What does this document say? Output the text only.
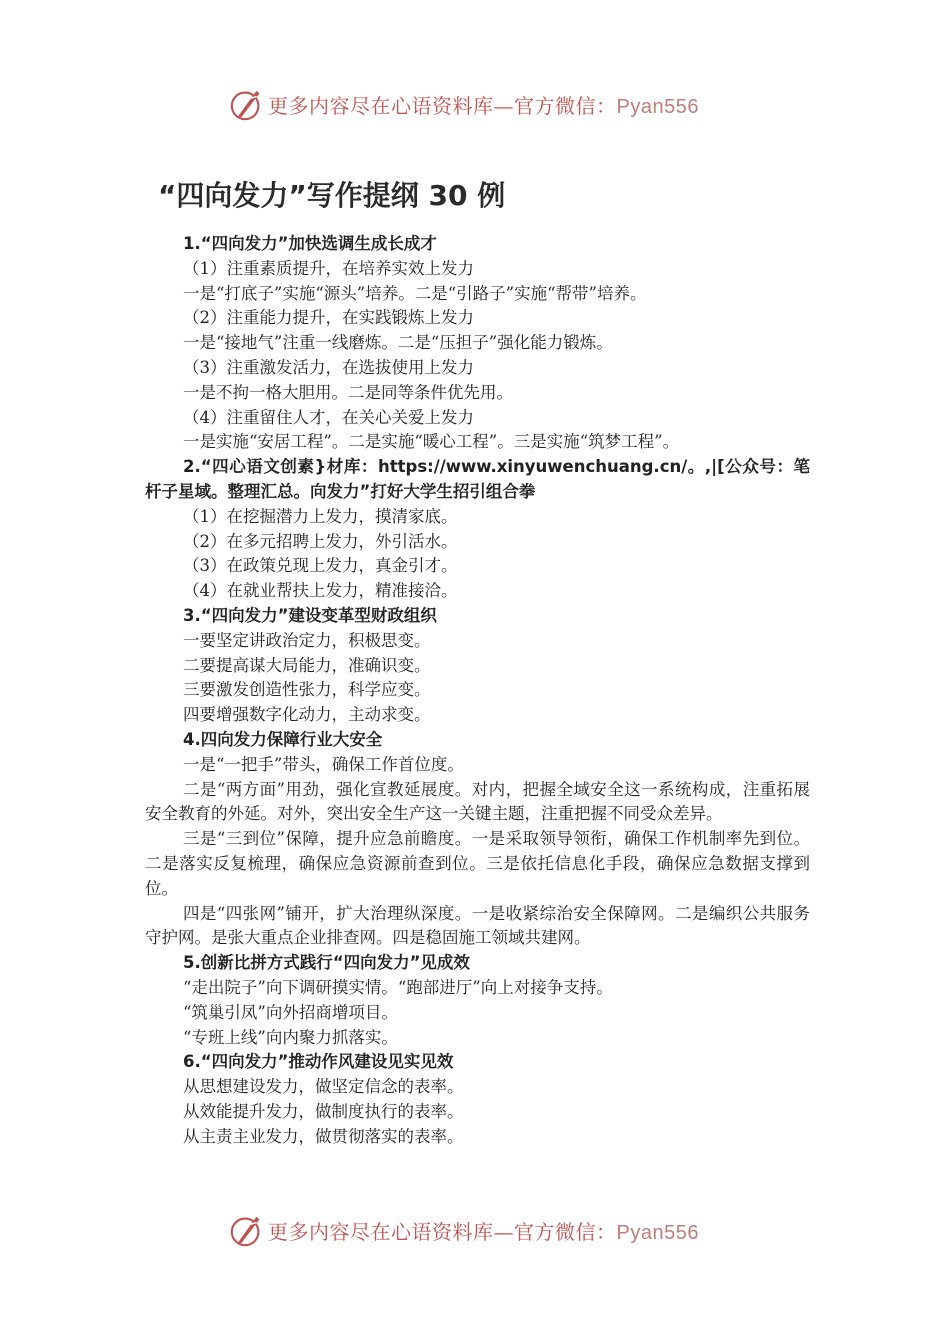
更多内容尽在心语资料库—官方微信：Pyan556
“四向发力”写作提纲 30 例
1.“四向发力”加快选调生成长成才
（1）注重素质提升，在培养实效上发力
一是“打底子”实施“源头”培养。二是“引路子”实施“帮带”培养。
（2）注重能力提升，在实践锻炼上发力
一是“接地气”注重一线磨炼。二是“压担子”强化能力锻炼。
（3）注重激发活力，在选拔使用上发力
一是不拘一格大胆用。二是同等条件优先用。
（4）注重留住人才，在关心关爱上发力
一是实施“安居工程”。二是实施“暖心工程”。三是实施“筑梦工程”。
2.“四心语文创素}材库：https://www.xinyuwenchuang.cn/。,|[公众号：笔杆子星域。整理汇总。向发力”打好大学生招引组合拳
（1）在挖掘潜力上发力，摸清家底。
（2）在多元招聘上发力，外引活水。
（3）在政策兑现上发力，真金引才。
（4）在就业帮扶上发力，精准接洽。
3.“四向发力”建设变革型财政组织
一要坚定讲政治定力，积极思变。
二要提高谋大局能力，准确识变。
三要激发创造性张力，科学应变。
四要增强数字化动力，主动求变。
4.四向发力保障行业大安全
一是“一把手”带头，确保工作首位度。
二是“两方面”用劲，强化宣教延展度。对内，把握全域安全这一系统构成，注重拓展安全教育的外延。对外，突出安全生产这一关键主题，注重把握不同受众差异。
三是“三到位”保障，提升应急前瞻度。一是采取领导领衔，确保工作机制率先到位。二是落实反复梳理，确保应急资源前查到位。三是依托信息化手段，确保应急数据支撑到位。
四是“四张网”铺开，扩大治理纵深度。一是收紧综治安全保障网。二是编织公共服务守护网。是张大重点企业排查网。四是稳固施工领域共建网。
5.创新比拼方式践行“四向发力”见成效
“走出院子”向下调研摸实情。“跑部进厅”向上对接争支持。
“筑巢引凤”向外招商增项目。
“专班上线”向内聚力抓落实。
6.“四向发力”推动作风建设见实见效
从思想建设发力，做坚定信念的表率。
从效能提升发力，做制度执行的表率。
从主责主业发力，做贯彻落实的表率。
更多内容尽在心语资料库—官方微信：Pyan556
